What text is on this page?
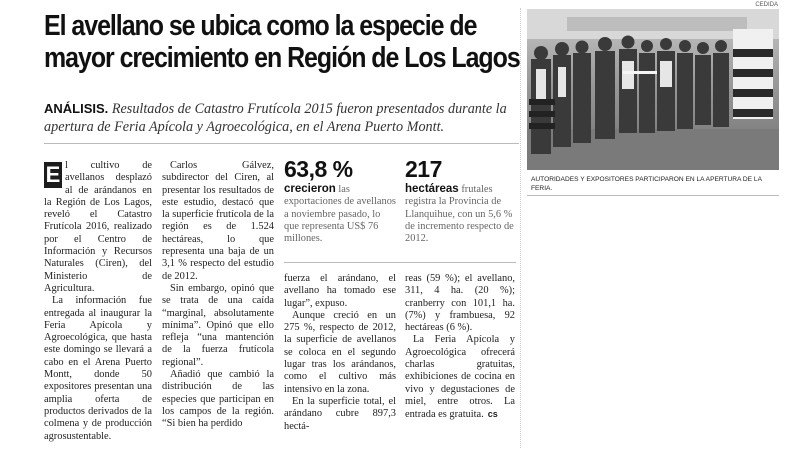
El avellano se ubica como la especie de mayor crecimiento en Región de Los Lagos
ANÁLISIS. Resultados de Catastro Frutícola 2015 fueron presentados durante la apertura de Feria Apícola y Agroecológica, en el Arena Puerto Montt.
E l cultivo de avellanos desplazó al de arándanos en la Región de Los Lagos, reveló el Catastro Frutícola 2016, realizado por el Centro de Información y Recursos Naturales (Ciren), del Ministerio de Agricultura.

La información fue entregada al inaugurar la Feria Apícola y Agroecológica, que hasta este domingo se llevará a cabo en el Arena Puerto Montt, donde 50 expositores presentan una amplia oferta de productos derivados de la colmena y de producción agrosustentable.

Carlos Gálvez, subdirector del Ciren, al presentar los resultados de este estudio, destacó que la superficie frutícola de la región es de 1.524 hectáreas, lo que representa una baja de un 3,1 % respecto del estudio de 2012.

Sin embargo, opinó que se trata de una caída “marginal, absolutamente mínima”. Opinó que ello refleja “una mantención de la fuerza frutícola regional”.

Añadió que cambió la distribución de las especies que participan en los campos de la región. “Si bien ha perdido

63,8 %
crecieron las exportaciones de avellanos a noviembre pasado, lo que representa US$ 76 millones.
217
hectáreas frutales registra la Provincia de Llanquihue, con un 5,6 % de incremento respecto de 2012.

fuerza el arándano, el avellano ha tomado ese lugar”, expuso.

Aunque creció en un 275 %, respecto de 2012, la superficie de avellanos se coloca en el segundo lugar tras los arándanos, como el cultivo más intensivo en la zona.

En la superficie total, el arándano cubre 897,3 hectá-

reas (59 %); el avellano, 311, 4 ha. (20 %); cranberry con 101,1 ha. (7%) y frambuesa, 92 hectáreas (6 %).

La Feria Apícola y Agroecológica ofrecerá charlas gratuitas, exhibiciones de cocina en vivo y degustaciones de miel, entre otros. La entrada es gratuita. cs

CEDIDA
AUTORIDADES Y EXPOSITORES PARTICIPARON EN LA APERTURA DE LA FERIA.
